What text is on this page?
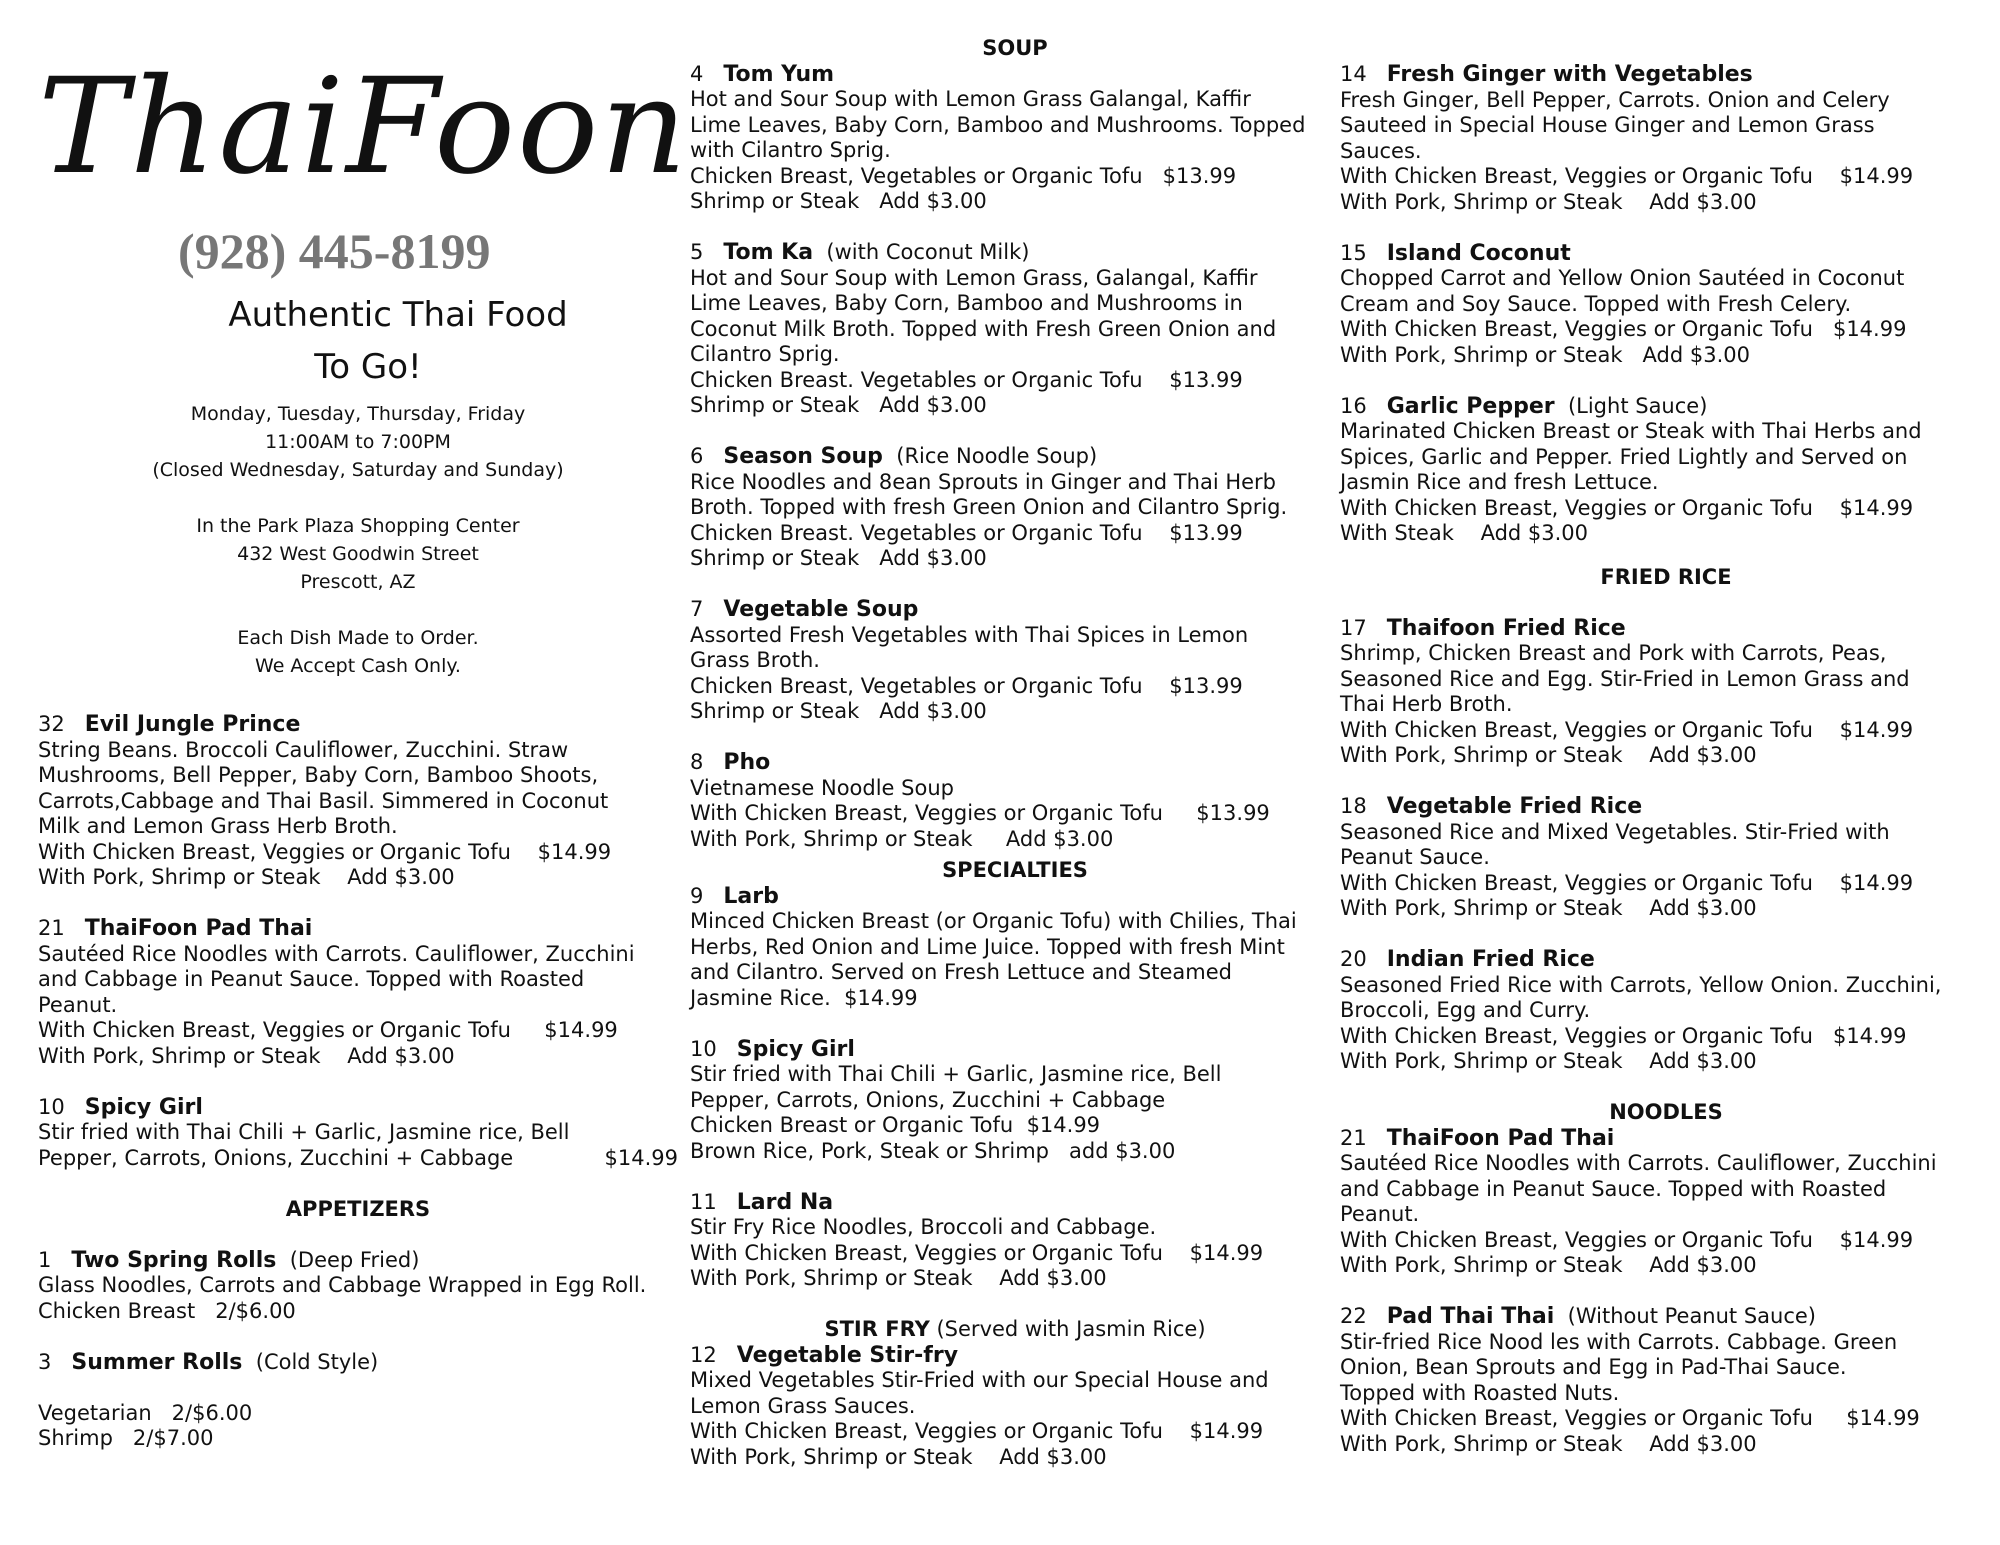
ThaiFoon
(928) 445-8199
Authentic Thai Food
To Go!
Monday, Tuesday, Thursday, Friday
11:00AM to 7:00PM
(Closed Wednesday, Saturday and Sunday)
In the Park Plaza Shopping Center
432 West Goodwin Street
Prescott, AZ
Each Dish Made to Order.
We Accept Cash Only.
32   Evil Jungle Prince
String Beans. Broccoli Cauliflower, Zucchini. Straw
Mushrooms, Bell Pepper, Baby Corn, Bamboo Shoots,
Carrots,Cabbage and Thai Basil. Simmered in Coconut
Milk and Lemon Grass Herb Broth.
With Chicken Breast, Veggies or Organic Tofu    $14.99
With Pork, Shrimp or Steak    Add $3.00
21   ThaiFoon Pad Thai
Sautéed Rice Noodles with Carrots. Cauliflower, Zucchini
and Cabbage in Peanut Sauce. Topped with Roasted
Peanut.
With Chicken Breast, Veggies or Organic Tofu     $14.99
With Pork, Shrimp or Steak    Add $3.00
10   Spicy Girl
Stir fried with Thai Chili + Garlic, Jasmine rice, Bell
Pepper, Carrots, Onions, Zucchini + Cabbage	$14.99
APPETIZERS
1   Two Spring Rolls  (Deep Fried)
Glass Noodles, Carrots and Cabbage Wrapped in Egg Roll.
Chicken Breast   2/$6.00
3   Summer Rolls  (Cold Style)

Vegetarian   2/$6.00
Shrimp   2/$7.00
SOUP
4   Tom Yum
Hot and Sour Soup with Lemon Grass Galangal, Kaffir
Lime Leaves, Baby Corn, Bamboo and Mushrooms. Topped
with Cilantro Sprig.
Chicken Breast, Vegetables or Organic Tofu   $13.99
Shrimp or Steak   Add $3.00
5   Tom Ka  (with Coconut Milk)
Hot and Sour Soup with Lemon Grass, Galangal, Kaffir
Lime Leaves, Baby Corn, Bamboo and Mushrooms in
Coconut Milk Broth. Topped with Fresh Green Onion and
Cilantro Sprig.
Chicken Breast. Vegetables or Organic Tofu    $13.99
Shrimp or Steak   Add $3.00
6   Season Soup  (Rice Noodle Soup)
Rice Noodles and 8ean Sprouts in Ginger and Thai Herb
Broth. Topped with fresh Green Onion and Cilantro Sprig.
Chicken Breast. Vegetables or Organic Tofu    $13.99
Shrimp or Steak   Add $3.00
7   Vegetable Soup
Assorted Fresh Vegetables with Thai Spices in Lemon
Grass Broth.
Chicken Breast, Vegetables or Organic Tofu    $13.99
Shrimp or Steak   Add $3.00
8   Pho
Vietnamese Noodle Soup
With Chicken Breast, Veggies or Organic Tofu     $13.99
With Pork, Shrimp or Steak     Add $3.00
SPECIALTIES
9   Larb
Minced Chicken Breast (or Organic Tofu) with Chilies, Thai
Herbs, Red Onion and Lime Juice. Topped with fresh Mint
and Cilantro. Served on Fresh Lettuce and Steamed
Jasmine Rice.  $14.99
10   Spicy Girl
Stir fried with Thai Chili + Garlic, Jasmine rice, Bell
Pepper, Carrots, Onions, Zucchini + Cabbage
Chicken Breast or Organic Tofu  $14.99
Brown Rice, Pork, Steak or Shrimp   add $3.00
11   Lard Na
Stir Fry Rice Noodles, Broccoli and Cabbage.
With Chicken Breast, Veggies or Organic Tofu    $14.99
With Pork, Shrimp or Steak    Add $3.00
STIR FRY (Served with Jasmin Rice)
12   Vegetable Stir-fry
Mixed Vegetables Stir-Fried with our Special House and
Lemon Grass Sauces.
With Chicken Breast, Veggies or Organic Tofu    $14.99
With Pork, Shrimp or Steak    Add $3.00
14   Fresh Ginger with Vegetables
Fresh Ginger, Bell Pepper, Carrots. Onion and Celery
Sauteed in Special House Ginger and Lemon Grass
Sauces.
With Chicken Breast, Veggies or Organic Tofu    $14.99
With Pork, Shrimp or Steak    Add $3.00
15   Island Coconut
Chopped Carrot and Yellow Onion Sautéed in Coconut
Cream and Soy Sauce. Topped with Fresh Celery.
With Chicken Breast, Veggies or Organic Tofu   $14.99
With Pork, Shrimp or Steak   Add $3.00
16   Garlic Pepper  (Light Sauce)
Marinated Chicken Breast or Steak with Thai Herbs and
Spices, Garlic and Pepper. Fried Lightly and Served on
Jasmin Rice and fresh Lettuce.
With Chicken Breast, Veggies or Organic Tofu    $14.99
With Steak    Add $3.00
FRIED RICE
17   Thaifoon Fried Rice
Shrimp, Chicken Breast and Pork with Carrots, Peas,
Seasoned Rice and Egg. Stir-Fried in Lemon Grass and
Thai Herb Broth.
With Chicken Breast, Veggies or Organic Tofu    $14.99
With Pork, Shrimp or Steak    Add $3.00
18   Vegetable Fried Rice
Seasoned Rice and Mixed Vegetables. Stir-Fried with
Peanut Sauce.
With Chicken Breast, Veggies or Organic Tofu    $14.99
With Pork, Shrimp or Steak    Add $3.00
20   Indian Fried Rice
Seasoned Fried Rice with Carrots, Yellow Onion. Zucchini,
Broccoli, Egg and Curry.
With Chicken Breast, Veggies or Organic Tofu   $14.99
With Pork, Shrimp or Steak    Add $3.00
NOODLES
21   ThaiFoon Pad Thai
Sautéed Rice Noodles with Carrots. Cauliflower, Zucchini
and Cabbage in Peanut Sauce. Topped with Roasted
Peanut.
With Chicken Breast, Veggies or Organic Tofu    $14.99
With Pork, Shrimp or Steak    Add $3.00
22   Pad Thai Thai  (Without Peanut Sauce)
Stir-fried Rice Nood les with Carrots. Cabbage. Green
Onion, Bean Sprouts and Egg in Pad-Thai Sauce.
Topped with Roasted Nuts.
With Chicken Breast, Veggies or Organic Tofu     $14.99
With Pork, Shrimp or Steak    Add $3.00
